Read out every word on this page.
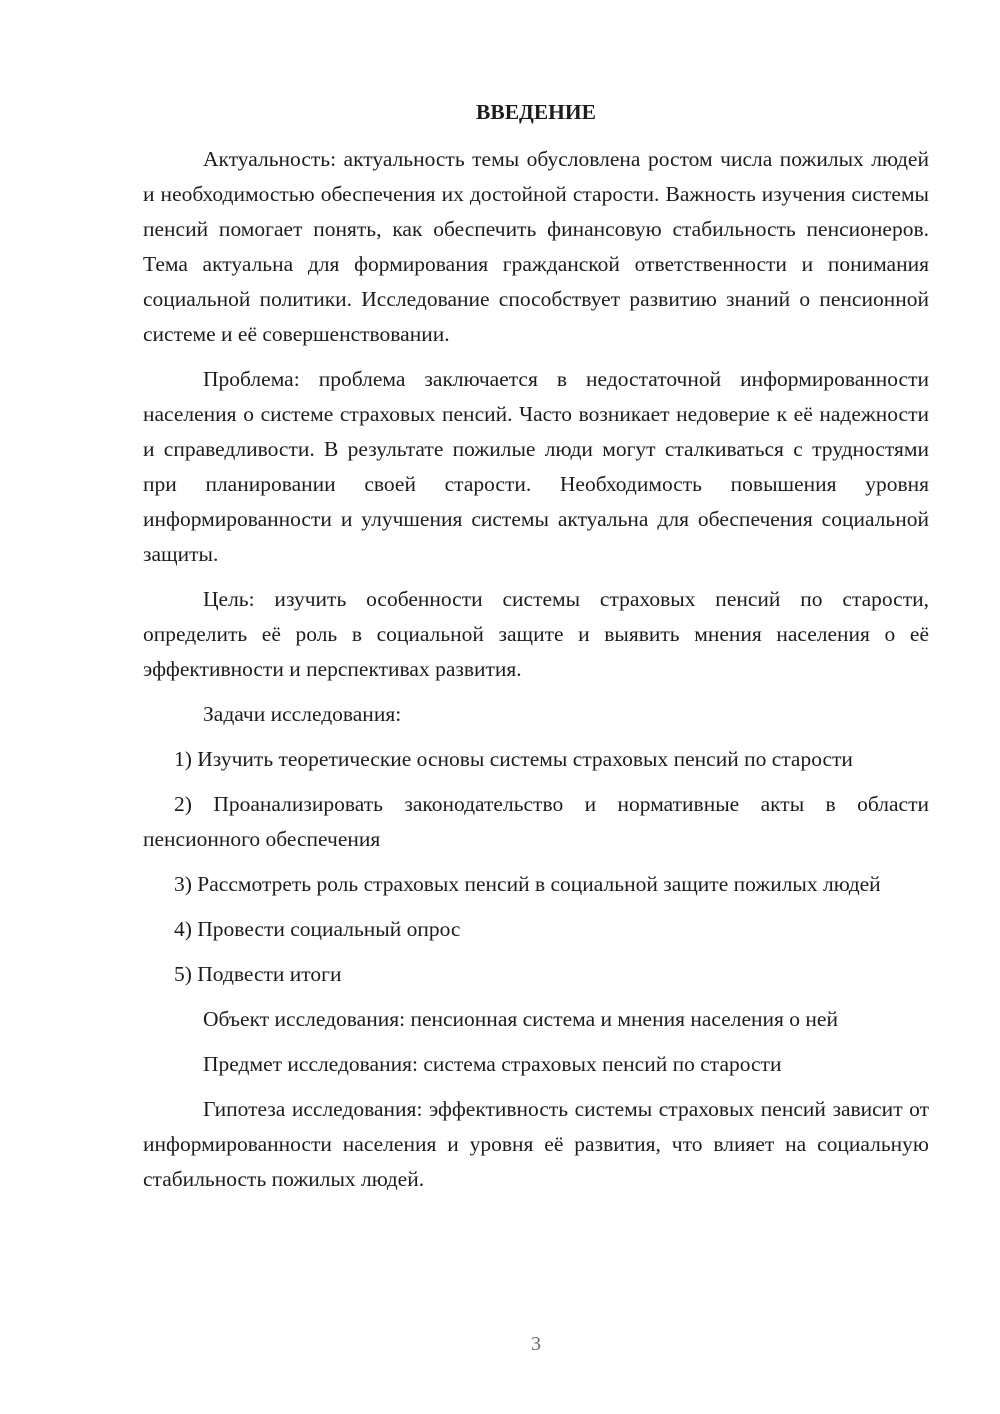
ВВЕДЕНИЕ

Актуальность: актуальность темы обусловлена ростом числа пожилых людей и необходимостью обеспечения их достойной старости. Важность изучения системы пенсий помогает понять, как обеспечить финансовую стабильность пенсионеров. Тема актуальна для формирования гражданской ответственности и понимания социальной политики. Исследование способствует развитию знаний о пенсионной системе и её совершенствовании.

Проблема: проблема заключается в недостаточной информированности населения о системе страховых пенсий. Часто возникает недоверие к её надежности и справедливости. В результате пожилые люди могут сталкиваться с трудностями при планировании своей старости. Необходимость повышения уровня информированности и улучшения системы актуальна для обеспечения социальной защиты.

Цель: изучить особенности системы страховых пенсий по старости, определить её роль в социальной защите и выявить мнения населения о её эффективности и перспективах развития.

Задачи исследования:

1) Изучить теоретические основы системы страховых пенсий по старости

2) Проанализировать законодательство и нормативные акты в области пенсионного обеспечения

3) Рассмотреть роль страховых пенсий в социальной защите пожилых людей

4) Провести социальный опрос

5) Подвести итоги

Объект исследования: пенсионная система и мнения населения о ней

Предмет исследования: система страховых пенсий по старости

Гипотеза исследования: эффективность системы страховых пенсий зависит от информированности населения и уровня её развития, что влияет на социальную стабильность пожилых людей.

3
